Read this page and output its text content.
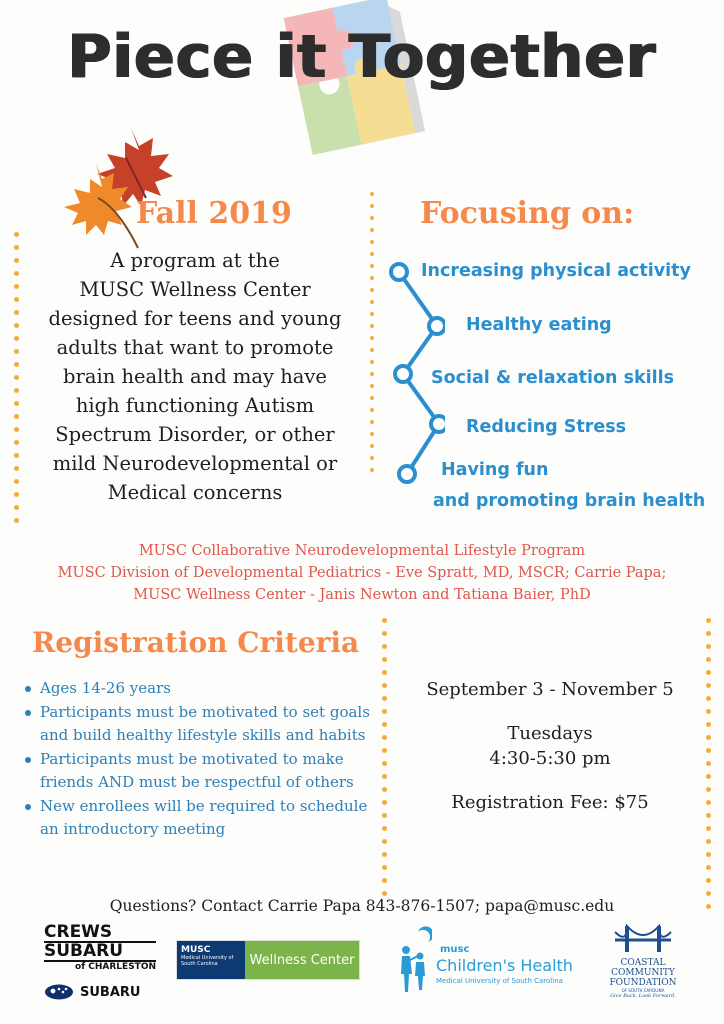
Piece it Together
Fall 2019	Focusing on:
A program at the
MUSC Wellness Center
designed for teens and young
adults that want to promote
brain health and may have
high functioning Autism
Spectrum Disorder, or other
mild Neurodevelopmental or
Medical concerns
Increasing physical activity
Healthy eating
Social & relaxation skills
Reducing Stress
Having fun
and promoting brain health
MUSC Collaborative Neurodevelopmental Lifestyle Program
MUSC Division of Developmental Pediatrics - Eve Spratt, MD, MSCR; Carrie Papa;
MUSC Wellness Center - Janis Newton and Tatiana Baier, PhD
Registration Criteria
Ages 14-26 years
Participants must be motivated to set goals and build healthy lifestyle skills and habits
Participants must be motivated to make friends AND must be respectful of others
New enrollees will be required to schedule an introductory meeting
September 3 - November 5
Tuesdays
4:30-5:30 pm
Registration Fee: $75
Questions? Contact Carrie Papa 843-876-1507; papa@musc.edu
CREWS
SUBARU
of CHARLESTON
SUBARU
MUSC
Medical University of South Carolina	Wellness Center
musc
Children's Health
Medical University of South Carolina
COASTAL
COMMUNITY
FOUNDATION
OF SOUTH CAROLINA
Give Back. Look Forward.
